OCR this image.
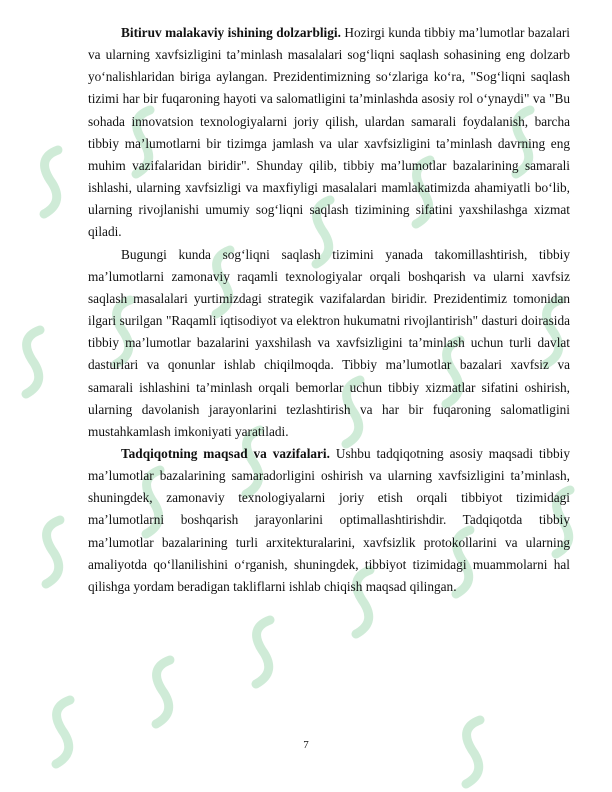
Bitiruv malakaviy ishining dolzarbligi. Hozirgi kunda tibbiy ma’lumotlar bazalari va ularning xavfsizligini ta’minlash masalalari sog‘liqni saqlash sohasining eng dolzarb yo‘nalishlaridan biriga aylangan. Prezidentimizning so‘zlariga ko‘ra, "Sog‘liqni saqlash tizimi har bir fuqaroning hayoti va salomatligini ta’minlashda asosiy rol o‘ynaydi" va "Bu sohada innovatsion texnologiyalarni joriy qilish, ulardan samarali foydalanish, barcha tibbiy ma’lumotlarni bir tizimga jamlash va ular xavfsizligini ta’minlash davrning eng muhim vazifalaridan biridir". Shunday qilib, tibbiy ma’lumotlar bazalarining samarali ishlashi, ularning xavfsizligi va maxfiyligi masalalari mamlakatimizda ahamiyatli bo‘lib, ularning rivojlanishi umumiy sog‘liqni saqlash tizimining sifatini yaxshilashga xizmat qiladi.

Bugungi kunda sog‘liqni saqlash tizimini yanada takomillashtirish, tibbiy ma’lumotlarni zamonaviy raqamli texnologiyalar orqali boshqarish va ularni xavfsiz saqlash masalalari yurtimizdagi strategik vazifalardan biridir. Prezidentimiz tomonidan ilgari surilgan "Raqamli iqtisodiyot va elektron hukumatni rivojlantirish" dasturi doirasida tibbiy ma’lumotlar bazalarini yaxshilash va xavfsizligini ta’minlash uchun turli davlat dasturlari va qonunlar ishlab chiqilmoqda. Tibbiy ma’lumotlar bazalari xavfsiz va samarali ishlashini ta’minlash orqali bemorlar uchun tibbiy xizmatlar sifatini oshirish, ularning davolanish jarayonlarini tezlashtirish va har bir fuqaroning salomatligini mustahkamlash imkoniyati yaratiladi.

Tadqiqotning maqsad va vazifalari. Ushbu tadqiqotning asosiy maqsadi tibbiy ma’lumotlar bazalarining samaradorligini oshirish va ularning xavfsizligini ta’minlash, shuningdek, zamonaviy texnologiyalarni joriy etish orqali tibbiyot tizimidagi ma’lumotlarni boshqarish jarayonlarini optimallashtirishdir. Tadqiqotda tibbiy ma’lumotlar bazalarining turli arxitekturalarini, xavfsizlik protokollarini va ularning amaliyotda qo‘llanilishini o‘rganish, shuningdek, tibbiyot tizimidagi muammolarni hal qilishga yordam beradigan takliflarni ishlab chiqish maqsad qilingan.

7
